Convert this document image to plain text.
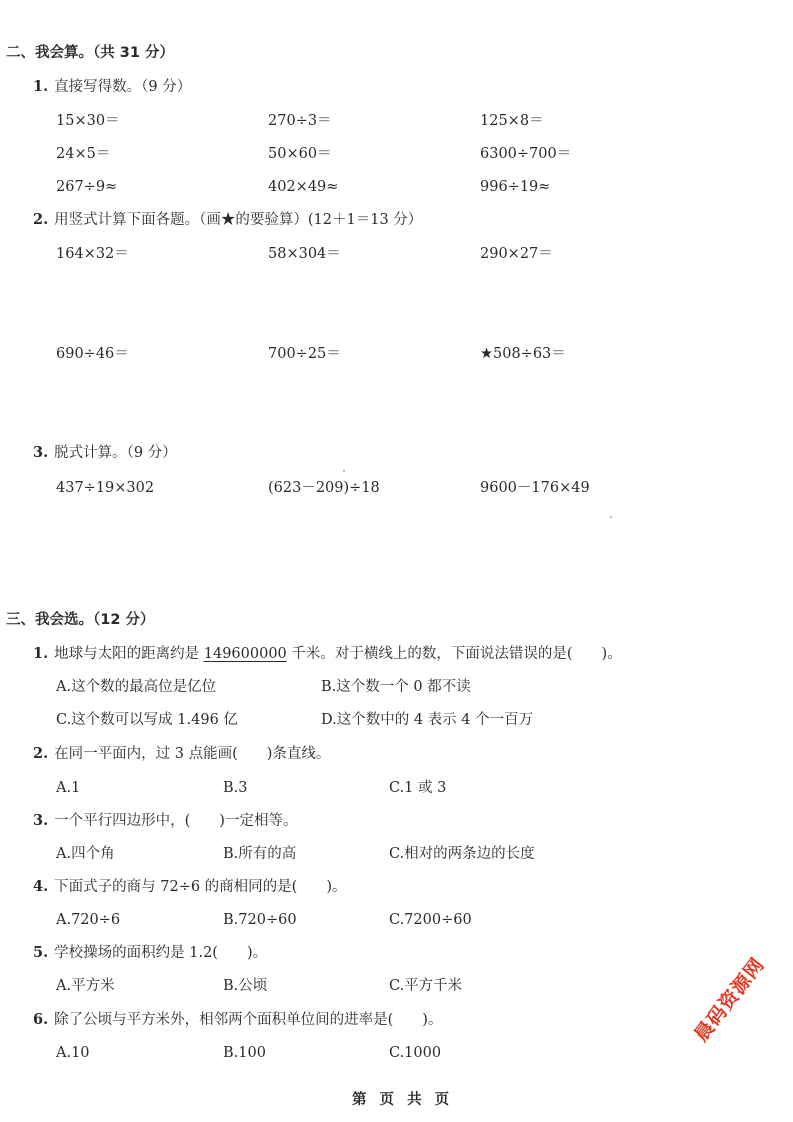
二、我会算。（共 31 分）
1. 直接写得数。（9 分）
15×30＝	270÷3＝	125×8＝
24×5＝	50×60＝	6300÷700＝
267÷9≈	402×49≈	996÷19≈
2. 用竖式计算下面各题。（画★的要验算）(12＋1＝13 分）
164×32＝	58×304＝	290×27＝
690÷46＝	700÷25＝	★508÷63＝
3. 脱式计算。（9 分）
437÷19×302	(623－209)÷18	9600－176×49
三、我会选。（12 分）
1. 地球与太阳的距离约是 149600000 千米。对于横线上的数，下面说法错误的是(　　)。
A.这个数的最高位是亿位	B.这个数一个 0 都不读
C.这个数可以写成 1.496 亿	D.这个数中的 4 表示 4 个一百万
2. 在同一平面内，过 3 点能画(　　)条直线。
A.1	B.3	C.1 或 3
3. 一个平行四边形中，(　　)一定相等。
A.四个角	B.所有的高	C.相对的两条边的长度
4. 下面式子的商与 72÷6 的商相同的是(　　)。
A.720÷6	B.720÷60	C.7200÷60
5. 学校操场的面积约是 1.2(　　)。
A.平方米	B.公顷	C.平方千米
6. 除了公顷与平方米外，相邻两个面积单位间的进率是(　　)。
A.10	B.100	C.1000
第 页 共 页
晨码资源网
